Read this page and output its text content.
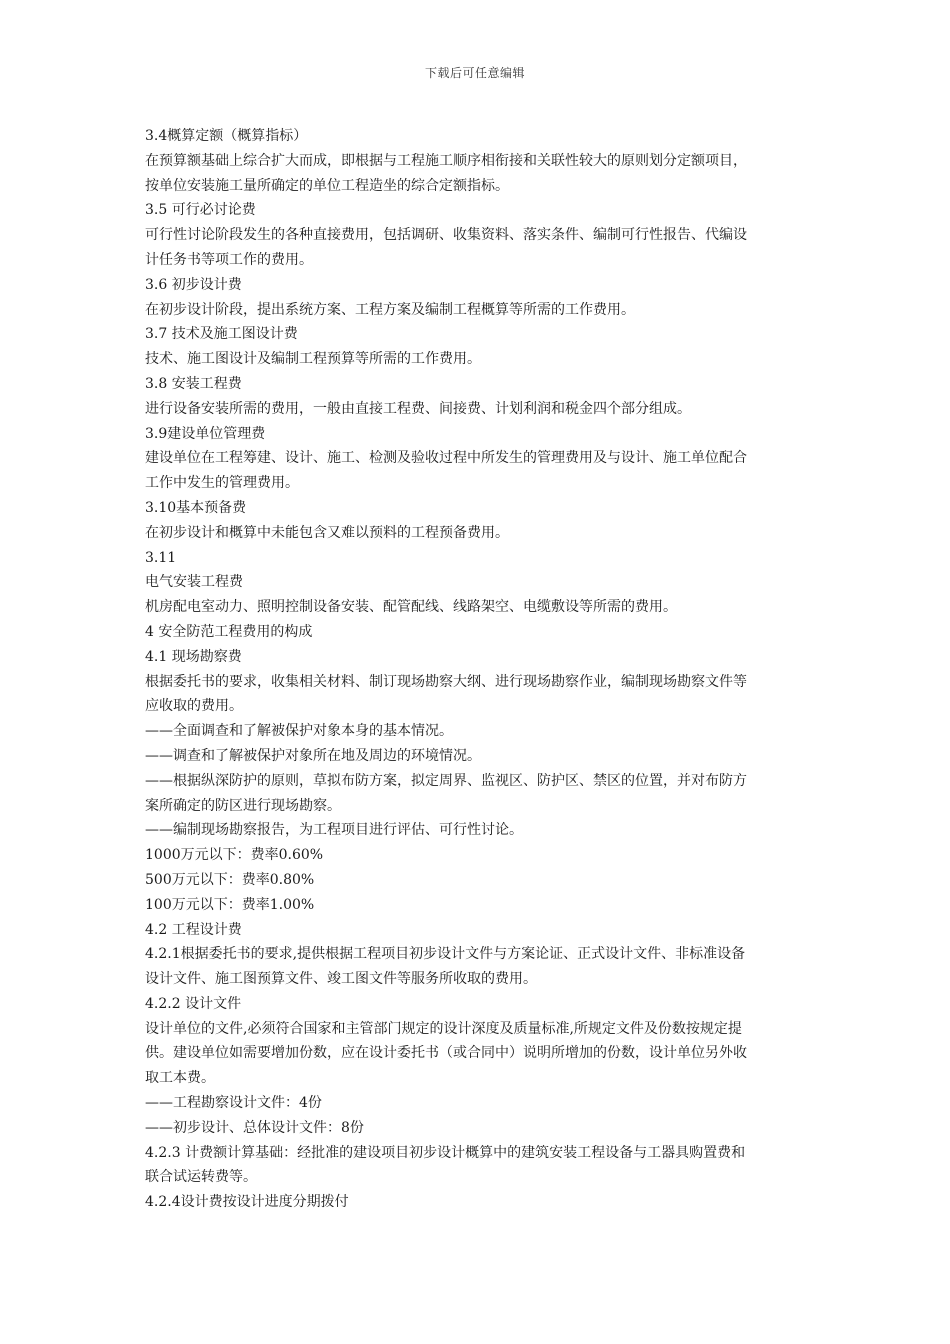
下载后可任意编辑
3.4概算定额（概算指标）
在预算额基础上综合扩大而成，即根据与工程施工顺序相衔接和关联性较大的原则划分定额项目，
按单位安装施工量所确定的单位工程造坐的综合定额指标。
3.5 可行必讨论费
可行性讨论阶段发生的各种直接费用，包括调研、收集资料、落实条件、编制可行性报告、代编设
计任务书等项工作的费用。
3.6 初步设计费
在初步设计阶段，提出系统方案、工程方案及编制工程概算等所需的工作费用。
3.7 技术及施工图设计费
技术、施工图设计及编制工程预算等所需的工作费用。
3.8 安装工程费
进行设备安装所需的费用，一般由直接工程费、间接费、计划利润和税金四个部分组成。
3.9建设单位管理费
建设单位在工程筹建、设计、施工、检测及验收过程中所发生的管理费用及与设计、施工单位配合
工作中发生的管理费用。
3.10基本预备费
在初步设计和概算中未能包含又难以预料的工程预备费用。
3.11
电气安装工程费
机房配电室动力、照明控制设备安装、配管配线、线路架空、电缆敷设等所需的费用。
4 安全防范工程费用的构成
4.1 现场勘察费
根据委托书的要求，收集相关材料、制订现场勘察大纲、进行现场勘察作业，编制现场勘察文件等
应收取的费用。
——全面调查和了解被保护对象本身的基本情况。
——调查和了解被保护对象所在地及周边的环境情况。
——根据纵深防护的原则，草拟布防方案，拟定周界、监视区、防护区、禁区的位置，并对布防方
案所确定的防区进行现场勘察。
——编制现场勘察报告，为工程项目进行评估、可行性讨论。
1000万元以下：费率0.60%
500万元以下：费率0.80%
100万元以下：费率1.00%
4.2 工程设计费
4.2.1根据委托书的要求,提供根据工程项目初步设计文件与方案论证、正式设计文件、非标准设备
设计文件、施工图预算文件、竣工图文件等服务所收取的费用。
4.2.2 设计文件
设计单位的文件,必须符合国家和主管部门规定的设计深度及质量标准,所规定文件及份数按规定提
供。建设单位如需要增加份数，应在设计委托书（或合同中）说明所增加的份数，设计单位另外收
取工本费。
——工程勘察设计文件：4份
——初步设计、总体设计文件：8份
4.2.3 计费额计算基础：经批准的建设项目初步设计概算中的建筑安装工程设备与工器具购置费和
联合试运转费等。
4.2.4设计费按设计进度分期拨付
